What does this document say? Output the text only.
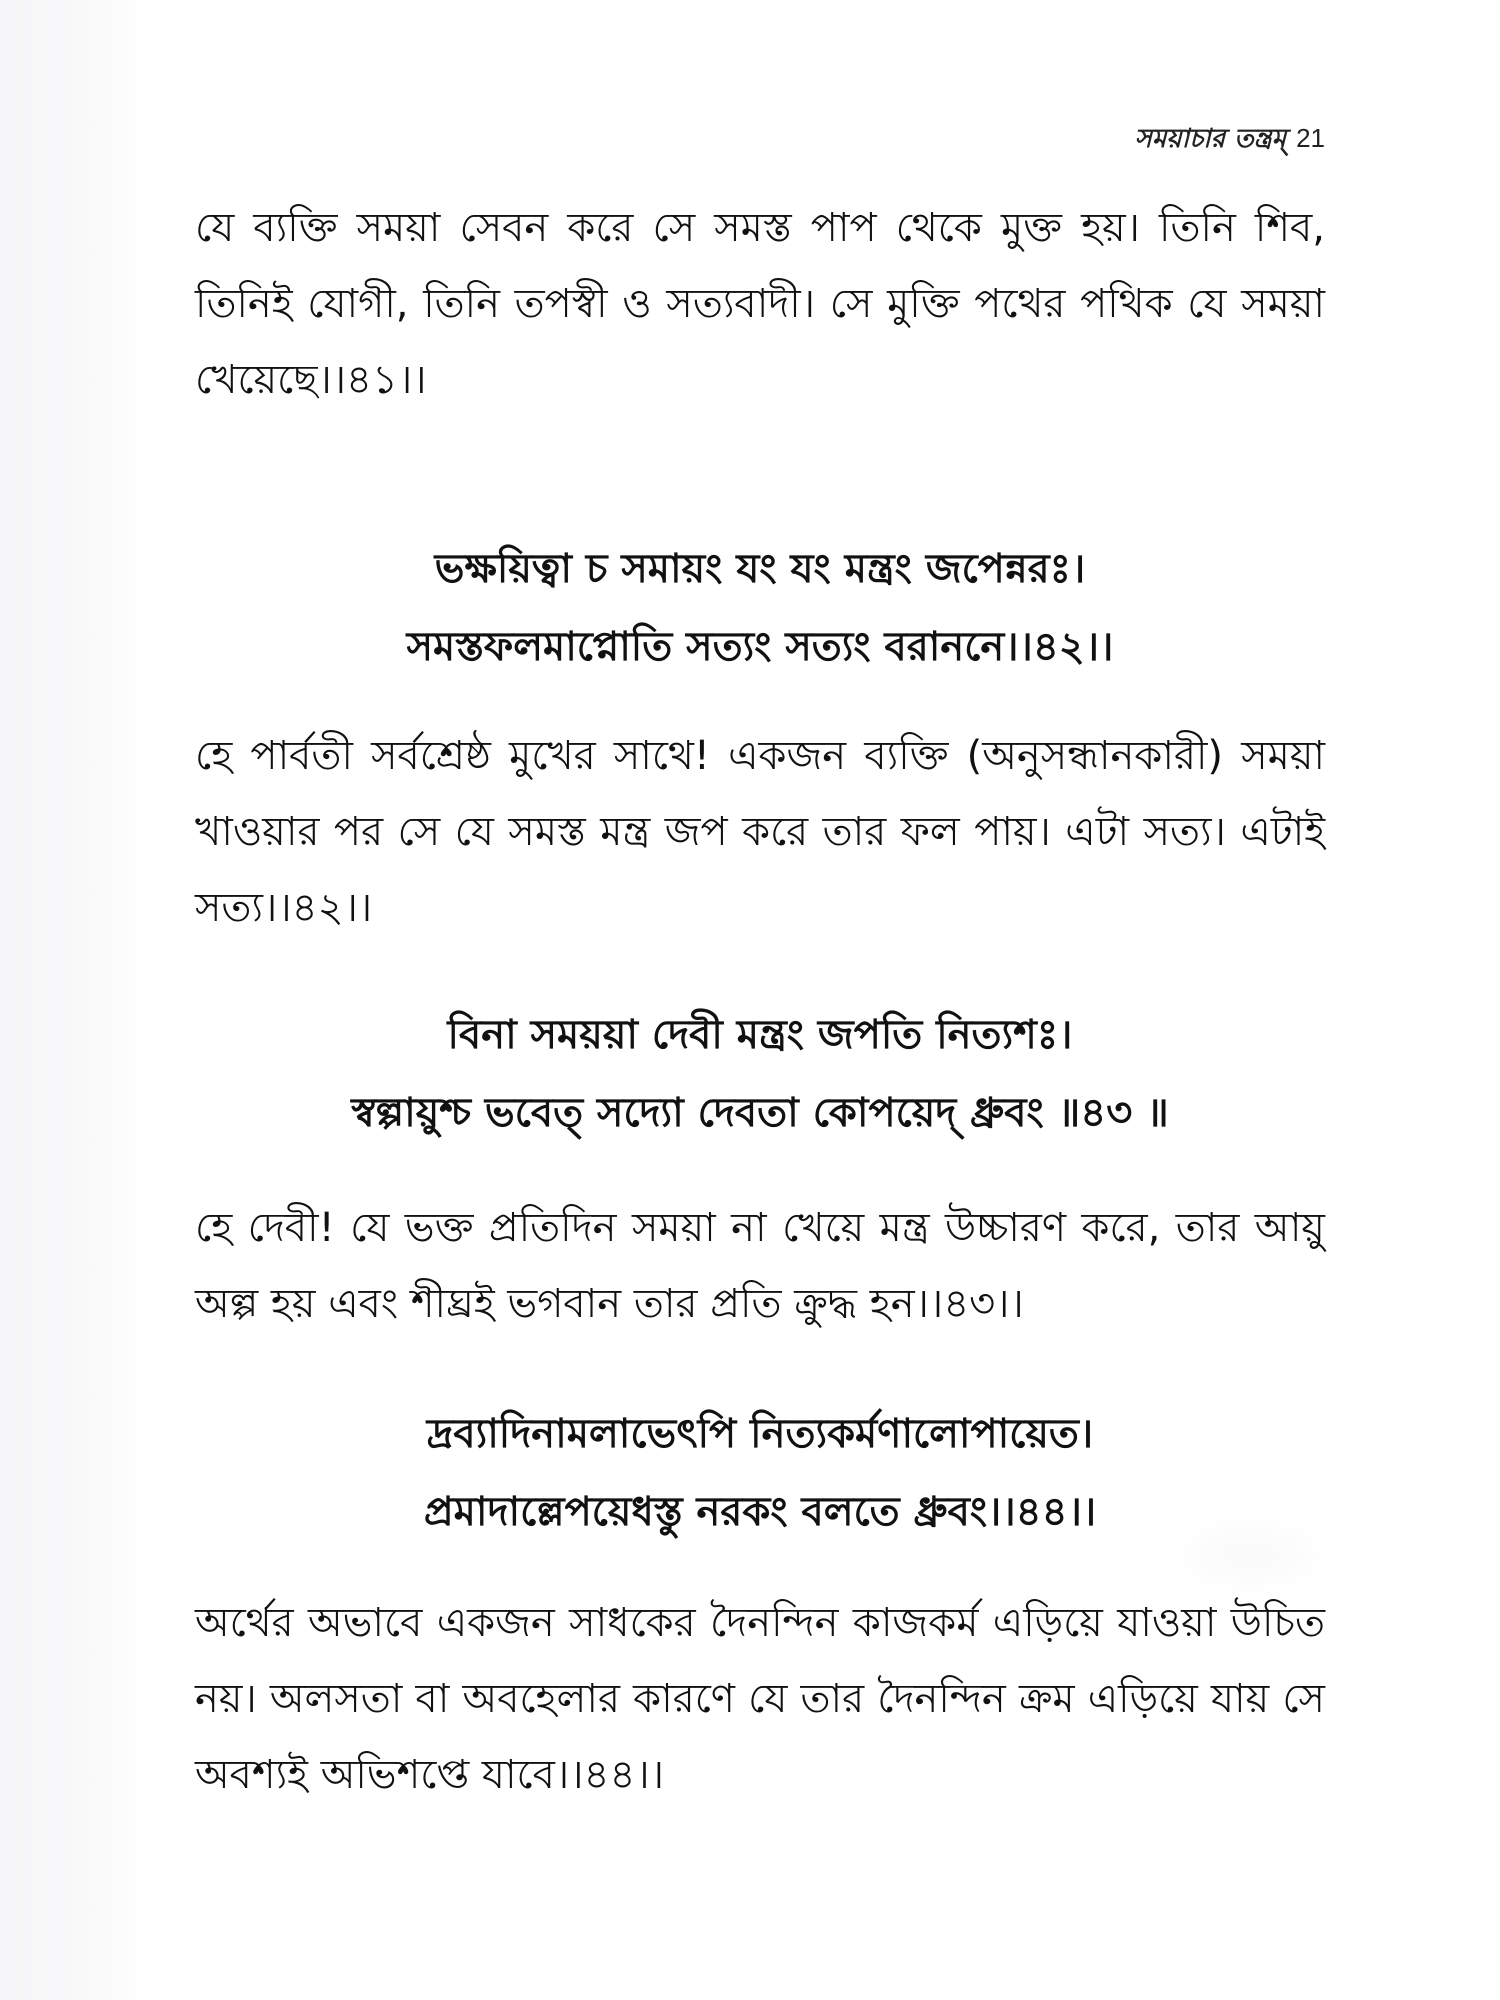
সময়াচার তন্ত্রম্ 21

যে ব্যক্তি সময়া সেবন করে সে সমস্ত পাপ থেকে মুক্ত হয়। তিনি শিব, তিনিই যোগী, তিনি তপস্বী ও সত্যবাদী। সে মুক্তি পথের পথিক যে সময়া খেয়েছে।।৪১।।

ভক্ষয়িত্বা চ সমায়ং যং যং মন্ত্রং জপেন্নরঃ।
সমস্তফলমাপ্নোতি সত্যং সত্যং বরাননে।।৪২।।

হে পার্বতী সর্বশ্রেষ্ঠ মুখের সাথে! একজন ব্যক্তি (অনুসন্ধানকারী) সময়া খাওয়ার পর সে যে সমস্ত মন্ত্র জপ করে তার ফল পায়। এটা সত্য। এটাই সত্য।।৪২।।

বিনা সময়য়া দেবী মন্ত্রং জপতি নিত্যশঃ।
স্বল্পায়ুশ্চ ভবেত্ সদ্যো দেবতা কোপয়েদ্ ধ্রুবং ॥৪৩ ॥

হে দেবী! যে ভক্ত প্রতিদিন সময়া না খেয়ে মন্ত্র উচ্চারণ করে, তার আয়ু অল্প হয় এবং শীঘ্রই ভগবান তার প্রতি ক্রুদ্ধ হন।।৪৩।।

দ্রব্যাদিনামলাভেৎপি নিত্যকর্মণালোপায়েত।
প্রমাদাল্লেপয়েধস্তু নরকং বলতে ধ্রুবং।।৪৪।।

অর্থের অভাবে একজন সাধকের দৈনন্দিন কাজকর্ম এড়িয়ে যাওয়া উচিত নয়। অলসতা বা অবহেলার কারণে যে তার দৈনন্দিন ক্রম এড়িয়ে যায় সে অবশ্যই অভিশপ্তে যাবে।।৪৪।।
